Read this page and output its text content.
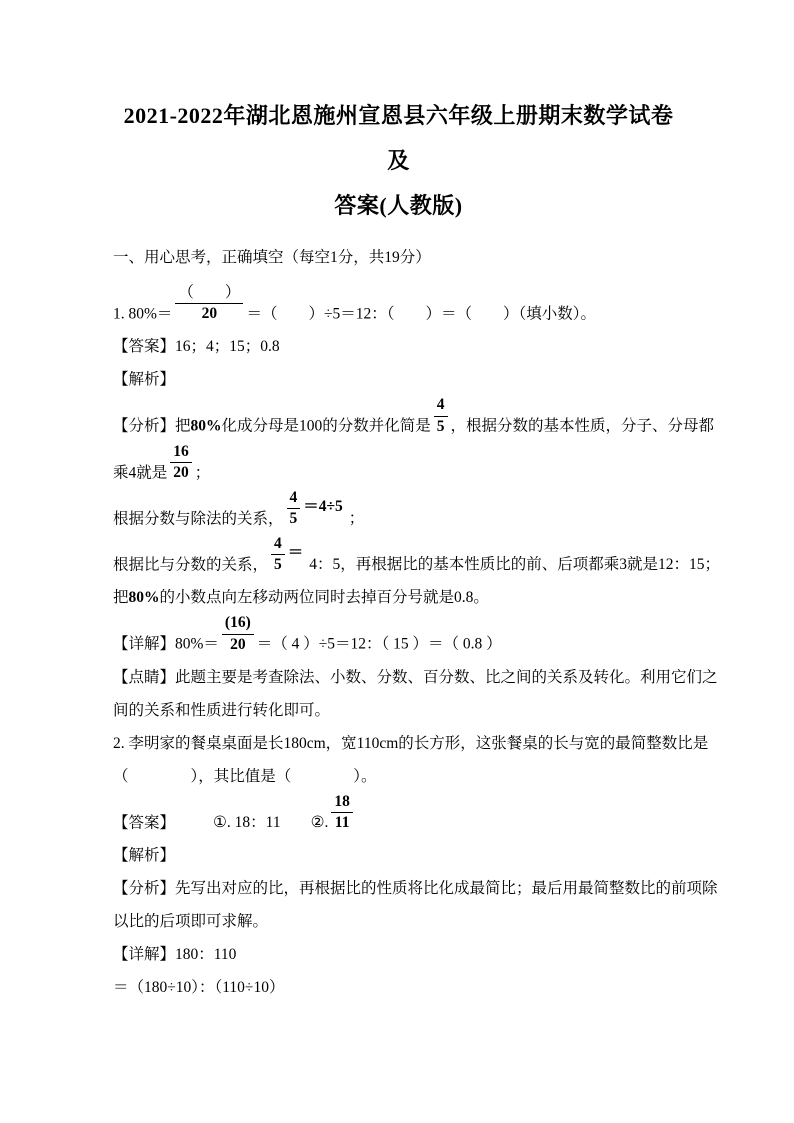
2021-2022年湖北恩施州宣恩县六年级上册期末数学试卷及
答案(人教版)
一、用心思考，正确填空（每空1分，共19分）
1. $80\%= \frac{( )}{20}$ ＝（　　）÷5＝12：（　　）＝（　　）（填小数）。
【答案】16；4；15；0.8
【解析】
【分析】把80%化成分母是100的分数并化简是 $\frac{4}{5}$ ，根据分数的基本性质，分子、分母都
乘4就是 $\frac{16}{20}$ ；
根据分数与除法的关系， $\frac{4}{5} =4\div 5$；
根据比与分数的关系， $\frac{4}{5} =4$：5，再根据比的基本性质比的前、后项都乘3就是12：15；
把80%的小数点向左移动两位同时去掉百分号就是0.8。
【详解】$80\%= \frac{(16)}{20}$ ＝（ 4 ）÷5＝12：（ 15 ）＝（ 0.8 ）
【点睛】此题主要是考查除法、小数、分数、百分数、比之间的关系及转化。利用它们之
间的关系和性质进行转化即可。
2. 李明家的餐桌桌面是长180cm，宽110cm的长方形，这张餐桌的长与宽的最简整数比是
（　　　　），其比值是（　　　　）。
【答案】 ①. 18：11 ②. $\frac{18}{11}$
【解析】
【分析】先写出对应的比，再根据比的性质将比化成最简比；最后用最简整数比的前项除
以比的后项即可求解。
【详解】180：110
＝（180÷10）：（110÷10）
